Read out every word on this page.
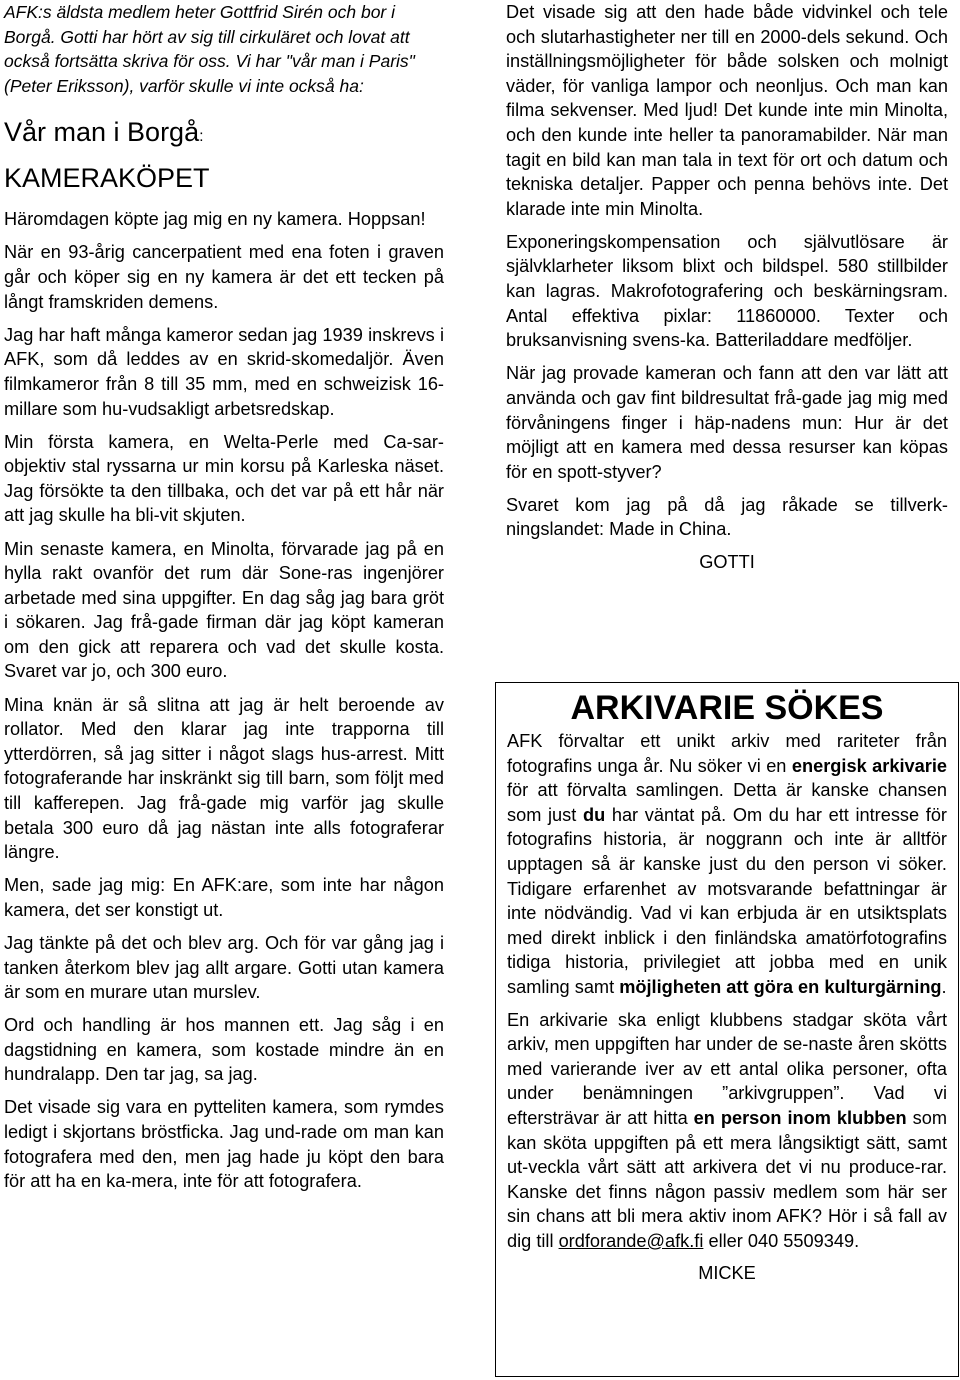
AFK:s äldsta medlem heter Gottfrid Sirén och bor i Borgå. Gotti har hört av sig till cirkuläret och lovat att också fortsätta skriva för oss. Vi har "vår man i Paris" (Peter Eriksson), varför skulle vi inte också ha:

Vår man i Borgå:
KAMERAKÖPET

Häromdagen köpte jag mig en ny kamera. Hoppsan!

När en 93-årig cancerpatient med ena foten i graven går och köper sig en ny kamera är det ett tecken på långt framskriden demens.

Jag har haft många kameror sedan jag 1939 inskrevs i AFK, som då leddes av en skrid-skomedaljör. Även filmkameror från 8 till 35 mm, med en schweizisk 16-millare som hu-vudsakligt arbetsredskap.

Min första kamera, en Welta-Perle med Ca-sar-objektiv stal ryssarna ur min korsu på Karleska näset. Jag försökte ta den tillbaka, och det var på ett hår när att jag skulle ha bli-vit skjuten.

Min senaste kamera, en Minolta, förvarade jag på en hylla rakt ovanför det rum där Sone-ras ingenjörer arbetade med sina uppgifter. En dag såg jag bara gröt i sökaren. Jag frå-gade firman där jag köpt kameran om den gick att reparera och vad det skulle kosta. Svaret var jo, och 300 euro.

Mina knän är så slitna att jag är helt beroende av rollator. Med den klarar jag inte trapporna till ytterdörren, så jag sitter i något slags hus-arrest. Mitt fotograferande har inskränkt sig till barn, som följt med till kafferepen. Jag frå-gade mig varför jag skulle betala 300 euro då jag nästan inte alls fotograferar längre.

Men, sade jag mig: En AFK:are, som inte har någon kamera, det ser konstigt ut.

Jag tänkte på det och blev arg. Och för var gång jag i tanken återkom blev jag allt argare. Gotti utan kamera är som en murare utan murslev.

Ord och handling är hos mannen ett. Jag såg i en dagstidning en kamera, som kostade mindre än en hundralapp. Den tar jag, sa jag.

Det visade sig vara en pytteliten kamera, som rymdes ledigt i skjortans bröstficka. Jag und-rade om man kan fotografera med den, men jag hade ju köpt den bara för att ha en ka-mera, inte för att fotografera.

Det visade sig att den hade både vidvinkel och tele och slutarhastigheter ner till en 2000-dels sekund. Och inställningsmöjligheter för både solsken och molnigt väder, för vanliga lampor och neonljus. Och man kan filma sekvenser. Med ljud! Det kunde inte min Minolta, och den kunde inte heller ta panoramabilder. När man tagit en bild kan man tala in text för ort och datum och tekniska detaljer. Papper och penna behövs inte. Det klarade inte min Minolta.

Exponeringskompensation och självutlösare är självklarheter liksom blixt och bildspel. 580 stillbilder kan lagras. Makrofotografering och beskärningsram. Antal effektiva pixlar: 11860000. Texter och bruksanvisning svens-ka. Batteriladdare medföljer.

När jag provade kameran och fann att den var lätt att använda och gav fint bildresultat frå-gade jag mig med förvåningens finger i häp-nadens mun: Hur är det möjligt att en kamera med dessa resurser kan köpas för en spott-styver?

Svaret kom jag på då jag råkade se tillverk-ningslandet: Made in China.

GOTTI
ARKIVARIE SÖKES

AFK förvaltar ett unikt arkiv med rariteter från fotografins unga år. Nu söker vi en energisk arkivarie för att förvalta samlingen. Detta är kanske chansen som just du har väntat på. Om du har ett intresse för fotografins historia, är noggrann och inte är alltför upptagen så är kanske just du den person vi söker. Tidigare erfarenhet av motsvarande befattningar är inte nödvändig. Vad vi kan erbjuda är en utsiktsplats med direkt inblick i den finländska amatörfotografins tidiga historia, privilegiet att jobba med en unik samling samt möjligheten att göra en kulturgärning.

En arkivarie ska enligt klubbens stadgar sköta vårt arkiv, men uppgiften har under de se-naste åren skötts med varierande iver av ett antal olika personer, ofta under benämningen ”arkivgruppen”. Vad vi eftersträvar är att hitta en person inom klubben som kan sköta uppgiften på ett mera långsiktigt sätt, samt ut-veckla vårt sätt att arkivera det vi nu produce-rar. Kanske det finns någon passiv medlem som här ser sin chans att bli mera aktiv inom AFK? Hör i så fall av dig till ordforande@afk.fi eller 040 5509349.

MICKE
